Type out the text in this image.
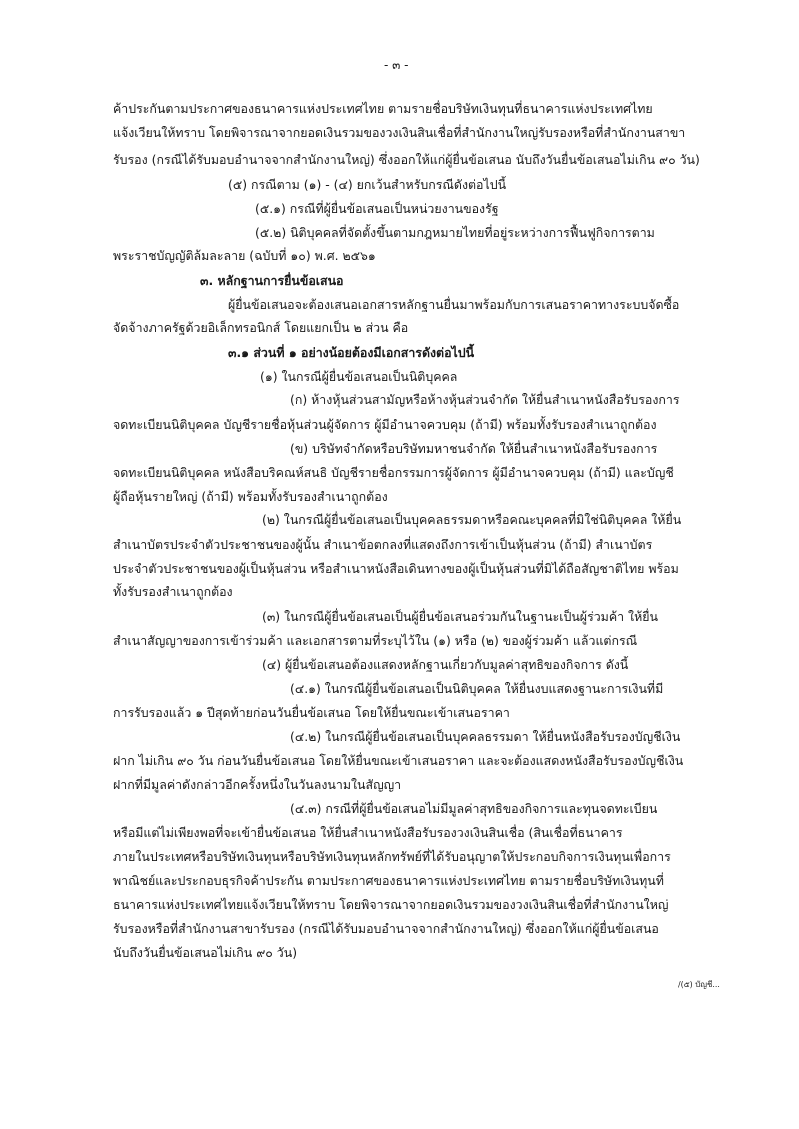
- ๓ -
ค้าประกันตามประกาศของธนาคารแห่งประเทศไทย ตามรายชื่อบริษัทเงินทุนที่ธนาคารแห่งประเทศไทย
แจ้งเวียนให้ทราบ โดยพิจารณาจากยอดเงินรวมของวงเงินสินเชื่อที่สำนักงานใหญ่รับรองหรือที่สำนักงานสาขา
รับรอง (กรณีได้รับมอบอำนาจจากสำนักงานใหญ่) ซึ่งออกให้แก่ผู้ยื่นข้อเสนอ นับถึงวันยื่นข้อเสนอไม่เกิน ๙๐ วัน)
(๕) กรณีตาม (๑) - (๔) ยกเว้นสำหรับกรณีดังต่อไปนี้
(๕.๑) กรณีที่ผู้ยื่นข้อเสนอเป็นหน่วยงานของรัฐ
(๕.๒) นิติบุคคลที่จัดตั้งขึ้นตามกฎหมายไทยที่อยู่ระหว่างการฟื้นฟูกิจการตาม
พระราชบัญญัติล้มละลาย (ฉบับที่ ๑๐) พ.ศ. ๒๕๖๑
๓. หลักฐานการยื่นข้อเสนอ
ผู้ยื่นข้อเสนอจะต้องเสนอเอกสารหลักฐานยื่นมาพร้อมกับการเสนอราคาทางระบบจัดซื้อ
จัดจ้างภาครัฐด้วยอิเล็กทรอนิกส์ โดยแยกเป็น ๒ ส่วน คือ
๓.๑ ส่วนที่ ๑ อย่างน้อยต้องมีเอกสารดังต่อไปนี้
(๑) ในกรณีผู้ยื่นข้อเสนอเป็นนิติบุคคล
(ก) ห้างหุ้นส่วนสามัญหรือห้างหุ้นส่วนจำกัด ให้ยื่นสำเนาหนังสือรับรองการ
จดทะเบียนนิติบุคคล บัญชีรายชื่อหุ้นส่วนผู้จัดการ ผู้มีอำนาจควบคุม (ถ้ามี) พร้อมทั้งรับรองสำเนาถูกต้อง
(ข) บริษัทจำกัดหรือบริษัทมหาชนจำกัด ให้ยื่นสำเนาหนังสือรับรองการ
จดทะเบียนนิติบุคคล หนังสือบริคณห์สนธิ บัญชีรายชื่อกรรมการผู้จัดการ ผู้มีอำนาจควบคุม (ถ้ามี) และบัญชี
ผู้ถือหุ้นรายใหญ่ (ถ้ามี) พร้อมทั้งรับรองสำเนาถูกต้อง
(๒) ในกรณีผู้ยื่นข้อเสนอเป็นบุคคลธรรมดาหรือคณะบุคคลที่มิใช่นิติบุคคล ให้ยื่น
สำเนาบัตรประจำตัวประชาชนของผู้นั้น สำเนาข้อตกลงที่แสดงถึงการเข้าเป็นหุ้นส่วน (ถ้ามี) สำเนาบัตร
ประจำตัวประชาชนของผู้เป็นหุ้นส่วน หรือสำเนาหนังสือเดินทางของผู้เป็นหุ้นส่วนที่มิได้ถือสัญชาติไทย พร้อม
ทั้งรับรองสำเนาถูกต้อง
(๓) ในกรณีผู้ยื่นข้อเสนอเป็นผู้ยื่นข้อเสนอร่วมกันในฐานะเป็นผู้ร่วมค้า ให้ยื่น
สำเนาสัญญาของการเข้าร่วมค้า และเอกสารตามที่ระบุไว้ใน (๑) หรือ (๒) ของผู้ร่วมค้า แล้วแต่กรณี
(๔) ผู้ยื่นข้อเสนอต้องแสดงหลักฐานเกี่ยวกับมูลค่าสุทธิของกิจการ ดังนี้
(๔.๑) ในกรณีผู้ยื่นข้อเสนอเป็นนิติบุคคล ให้ยื่นงบแสดงฐานะการเงินที่มี
การรับรองแล้ว ๑ ปีสุดท้ายก่อนวันยื่นข้อเสนอ โดยให้ยื่นขณะเข้าเสนอราคา
(๔.๒) ในกรณีผู้ยื่นข้อเสนอเป็นบุคคลธรรมดา ให้ยื่นหนังสือรับรองบัญชีเงิน
ฝาก ไม่เกิน ๙๐ วัน ก่อนวันยื่นข้อเสนอ โดยให้ยื่นขณะเข้าเสนอราคา และจะต้องแสดงหนังสือรับรองบัญชีเงิน
ฝากที่มีมูลค่าดังกล่าวอีกครั้งหนึ่งในวันลงนามในสัญญา
(๔.๓) กรณีที่ผู้ยื่นข้อเสนอไม่มีมูลค่าสุทธิของกิจการและทุนจดทะเบียน
หรือมีแต่ไม่เพียงพอที่จะเข้ายื่นข้อเสนอ ให้ยื่นสำเนาหนังสือรับรองวงเงินสินเชื่อ (สินเชื่อที่ธนาคาร
ภายในประเทศหรือบริษัทเงินทุนหรือบริษัทเงินทุนหลักทรัพย์ที่ได้รับอนุญาตให้ประกอบกิจการเงินทุนเพื่อการ
พาณิชย์และประกอบธุรกิจค้าประกัน ตามประกาศของธนาคารแห่งประเทศไทย ตามรายชื่อบริษัทเงินทุนที่
ธนาคารแห่งประเทศไทยแจ้งเวียนให้ทราบ โดยพิจารณาจากยอดเงินรวมของวงเงินสินเชื่อที่สำนักงานใหญ่
รับรองหรือที่สำนักงานสาขารับรอง (กรณีได้รับมอบอำนาจจากสำนักงานใหญ่) ซึ่งออกให้แก่ผู้ยื่นข้อเสนอ
นับถึงวันยื่นข้อเสนอไม่เกิน ๙๐ วัน)
/(๕) บัญชี...
